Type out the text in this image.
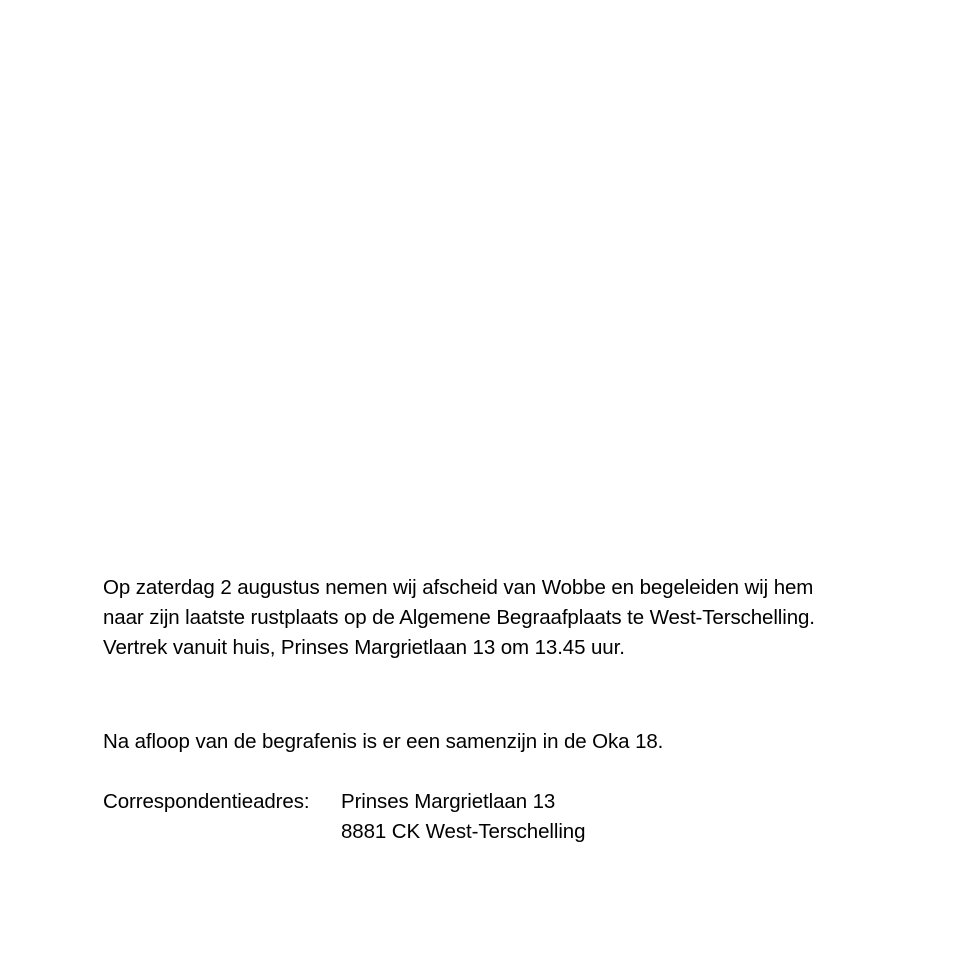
Op zaterdag 2 augustus nemen wij afscheid van Wobbe en begeleiden wij hem
naar zijn laatste rustplaats op de Algemene Begraafplaats te West-Terschelling.
Vertrek vanuit huis, Prinses Margrietlaan 13 om 13.45 uur.
Na afloop van de begrafenis is er een samenzijn in de Oka 18.
Correspondentieadres:	Prinses Margrietlaan 13
8881 CK West-Terschelling
